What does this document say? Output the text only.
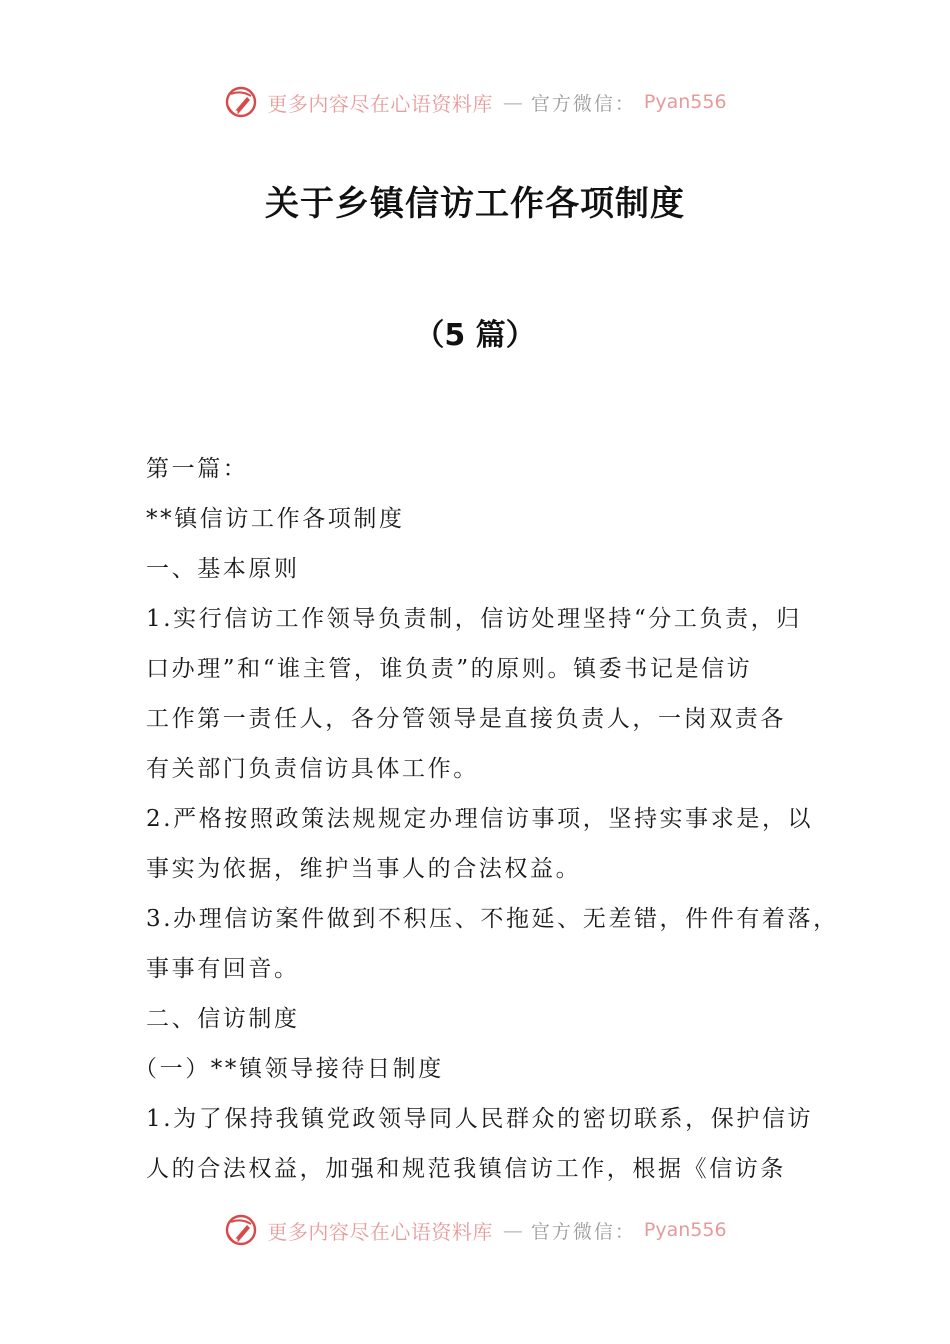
更多内容尽在心语资料库 — 官方微信： Pyan556
关于乡镇信访工作各项制度
（5 篇）

第一篇：

**镇信访工作各项制度

一、基本原则

1.实行信访工作领导负责制，信访处理坚持“分工负责，归

口办理”和“谁主管，谁负责”的原则。镇委书记是信访

工作第一责任人，各分管领导是直接负责人，一岗双责各

有关部门负责信访具体工作。

2.严格按照政策法规规定办理信访事项，坚持实事求是，以

事实为依据，维护当事人的合法权益。

3.办理信访案件做到不积压、不拖延、无差错，件件有着落，

事事有回音。

二、信访制度

（一）**镇领导接待日制度

1.为了保持我镇党政领导同人民群众的密切联系，保护信访

人的合法权益，加强和规范我镇信访工作，根据《信访条

更多内容尽在心语资料库 — 官方微信： Pyan556
